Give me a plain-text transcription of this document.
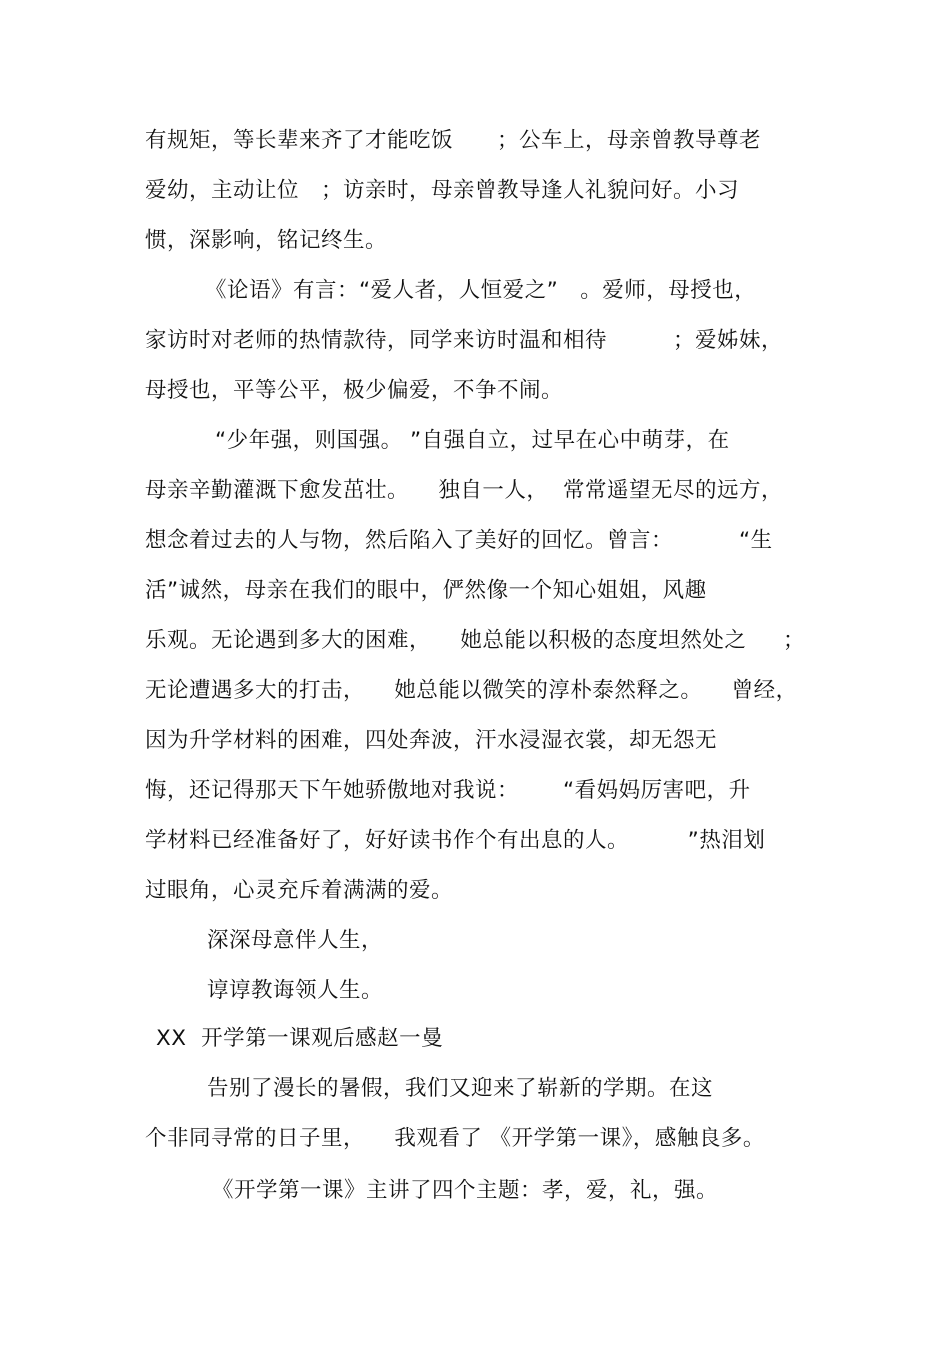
有规矩，等长辈来齐了才能吃饭      ；公车上，母亲曾教导尊老
爱幼，主动让位   ；访亲时，母亲曾教导逢人礼貌问好。小习
惯，深影响，铭记终生。
《论语》有言：“爱人者，人恒爱之”   。爱师，母授也，
家访时对老师的热情款待，同学来访时温和相待         ；爱姊妹，
母授也，平等公平，极少偏爱，不争不闹。
“少年强，则国强。 ”自强自立，过早在心中萌芽，在
母亲辛勤灌溉下愈发茁壮。    独自一人，  常常遥望无尽的远方，
想念着过去的人与物，然后陷入了美好的回忆。曾言：         “生
活”诚然，母亲在我们的眼中，俨然像一个知心姐姐，风趣
乐观。无论遇到多大的困难，    她总能以积极的态度坦然处之     ；
无论遭遇多大的打击，    她总能以微笑的淳朴泰然释之。    曾经，
因为升学材料的困难，四处奔波，汗水浸湿衣裳，却无怨无
悔，还记得那天下午她骄傲地对我说：      “看妈妈厉害吧，升
学材料已经准备好了，好好读书作个有出息的人。        ”热泪划
过眼角，心灵充斥着满满的爱。
深深母意伴人生，
谆谆教诲领人生。
XX  开学第一课观后感赵一曼
告别了漫长的暑假，我们又迎来了崭新的学期。在这
个非同寻常的日子里，    我观看了 《开学第一课》，感触良多。
《开学第一课》主讲了四个主题：孝，爱，礼，强。
